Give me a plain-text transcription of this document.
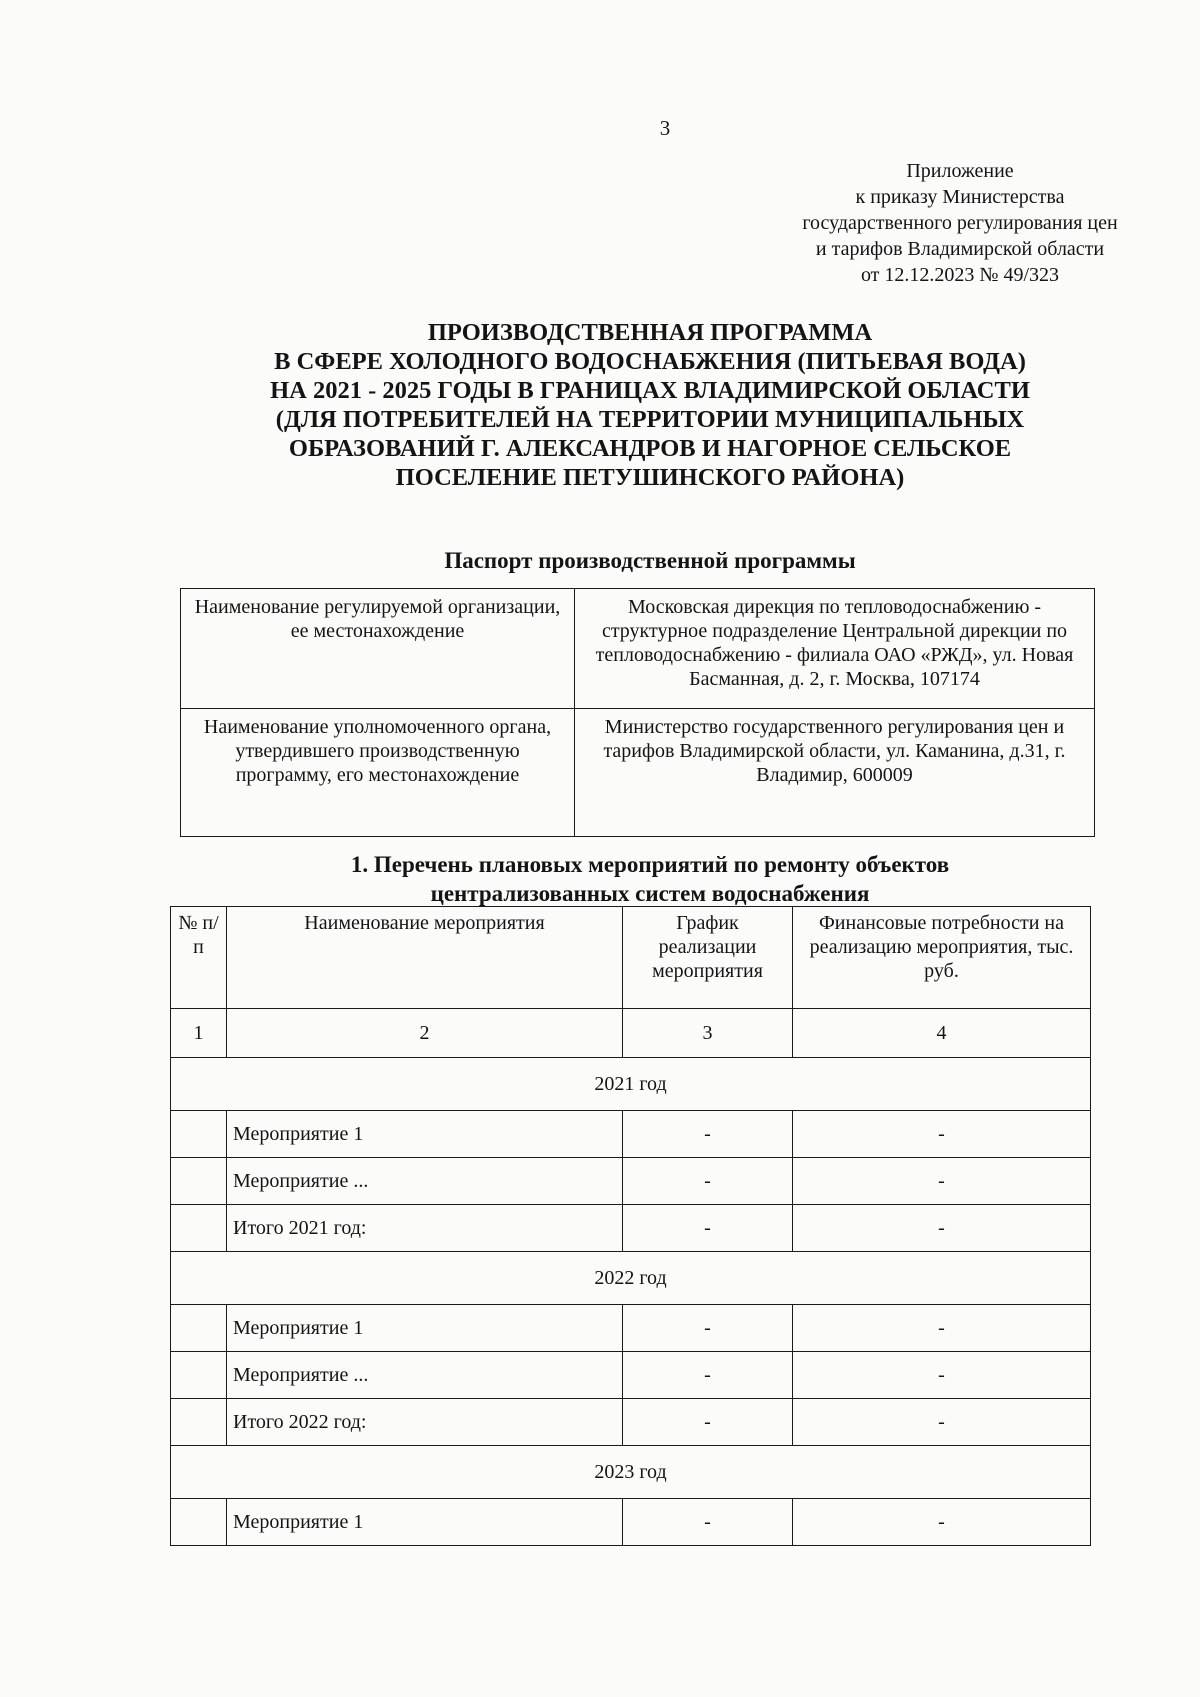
3
Приложение
к приказу Министерства
государственного регулирования цен
и тарифов Владимирской области
от 12.12.2023 № 49/323
ПРОИЗВОДСТВЕННАЯ ПРОГРАММА
В СФЕРЕ ХОЛОДНОГО ВОДОСНАБЖЕНИЯ (ПИТЬЕВАЯ ВОДА)
НА 2021 - 2025 ГОДЫ В ГРАНИЦАХ ВЛАДИМИРСКОЙ ОБЛАСТИ
(ДЛЯ ПОТРЕБИТЕЛЕЙ НА ТЕРРИТОРИИ МУНИЦИПАЛЬНЫХ
ОБРАЗОВАНИЙ Г. АЛЕКСАНДРОВ И НАГОРНОЕ СЕЛЬСКОЕ
ПОСЕЛЕНИЕ ПЕТУШИНСКОГО РАЙОНА)
Паспорт производственной программы
Наименование регулируемой организации, ее местонахождение	Московская дирекция по тепловодоснабжению - структурное подразделение Центральной дирекции по тепловодоснабжению - филиала ОАО «РЖД», ул. Новая Басманная, д. 2, г. Москва, 107174
Наименование уполномоченного органа, утвердившего производственную программу, его местонахождение	Министерство государственного регулирования цен и тарифов Владимирской области, ул. Каманина, д.31, г. Владимир, 600009
1. Перечень плановых мероприятий по ремонту объектов
централизованных систем водоснабжения
№ п/п	Наименование мероприятия	График реализации мероприятия	Финансовые потребности на реализацию мероприятия, тыс. руб.
1	2	3	4
2021 год			
	Мероприятие 1	-	-
	Мероприятие ...	-	-
	Итого 2021 год:	-	-
2022 год			
	Мероприятие 1	-	-
	Мероприятие ...	-	-
	Итого 2022 год:	-	-
2023 год			
	Мероприятие 1	-	-
